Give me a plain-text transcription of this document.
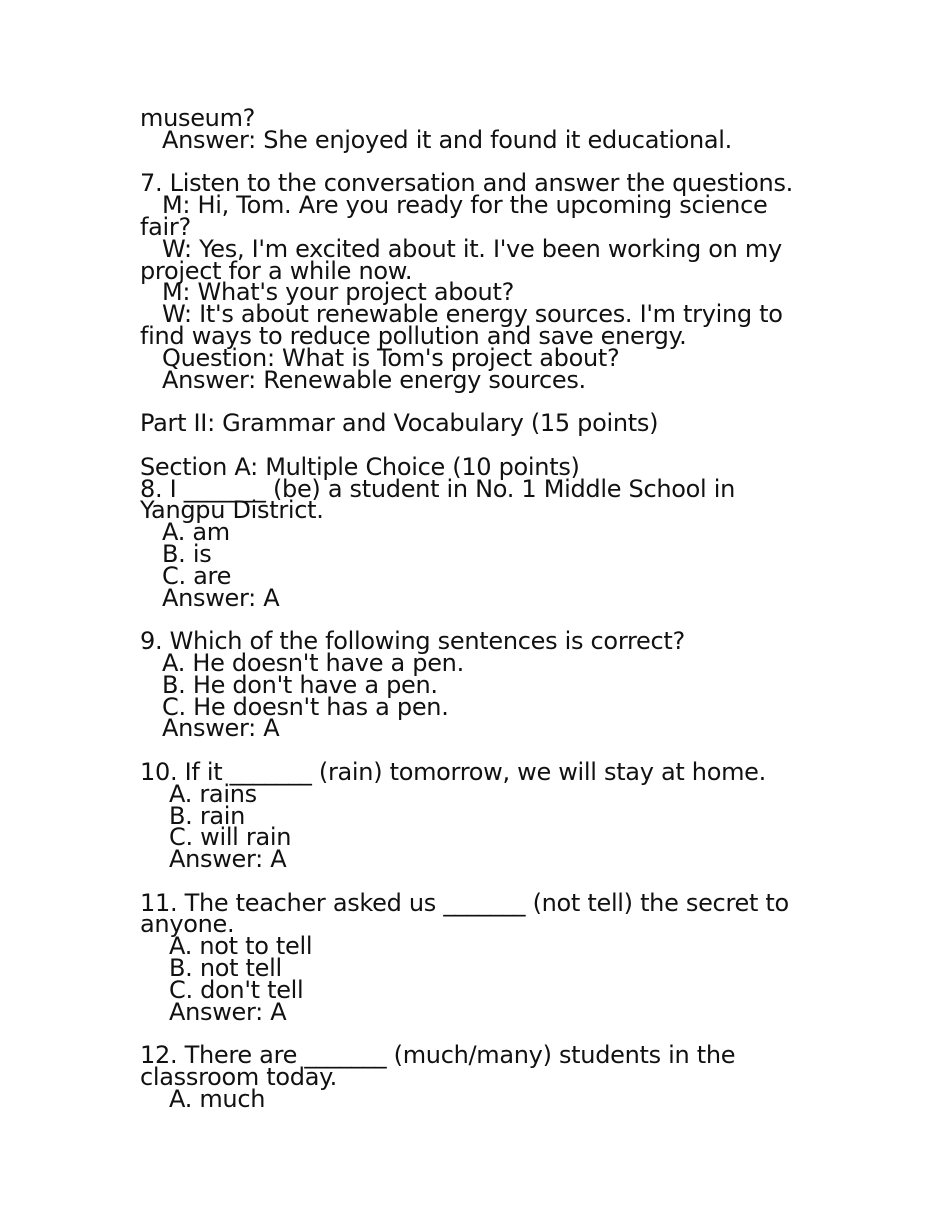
museum?
Answer: She enjoyed it and found it educational.
7. Listen to the conversation and answer the questions.
M: Hi, Tom. Are you ready for the upcoming science
fair?
W: Yes, I'm excited about it. I've been working on my
project for a while now.
M: What's your project about?
W: It's about renewable energy sources. I'm trying to
find ways to reduce pollution and save energy.
Question: What is Tom's project about?
Answer: Renewable energy sources.
Part II: Grammar and Vocabulary (15 points)
Section A: Multiple Choice (10 points)
8. I _______ (be) a student in No. 1 Middle School in
Yangpu District.
A. am
B. is
C. are
Answer: A
9. Which of the following sentences is correct?
A. He doesn't have a pen.
B. He don't have a pen.
C. He doesn't has a pen.
Answer: A
10. If it _______ (rain) tomorrow, we will stay at home.
A. rains
B. rain
C. will rain
Answer: A
11. The teacher asked us _______ (not tell) the secret to
anyone.
A. not to tell
B. not tell
C. don't tell
Answer: A
12. There are _______ (much/many) students in the
classroom today.
A. much
